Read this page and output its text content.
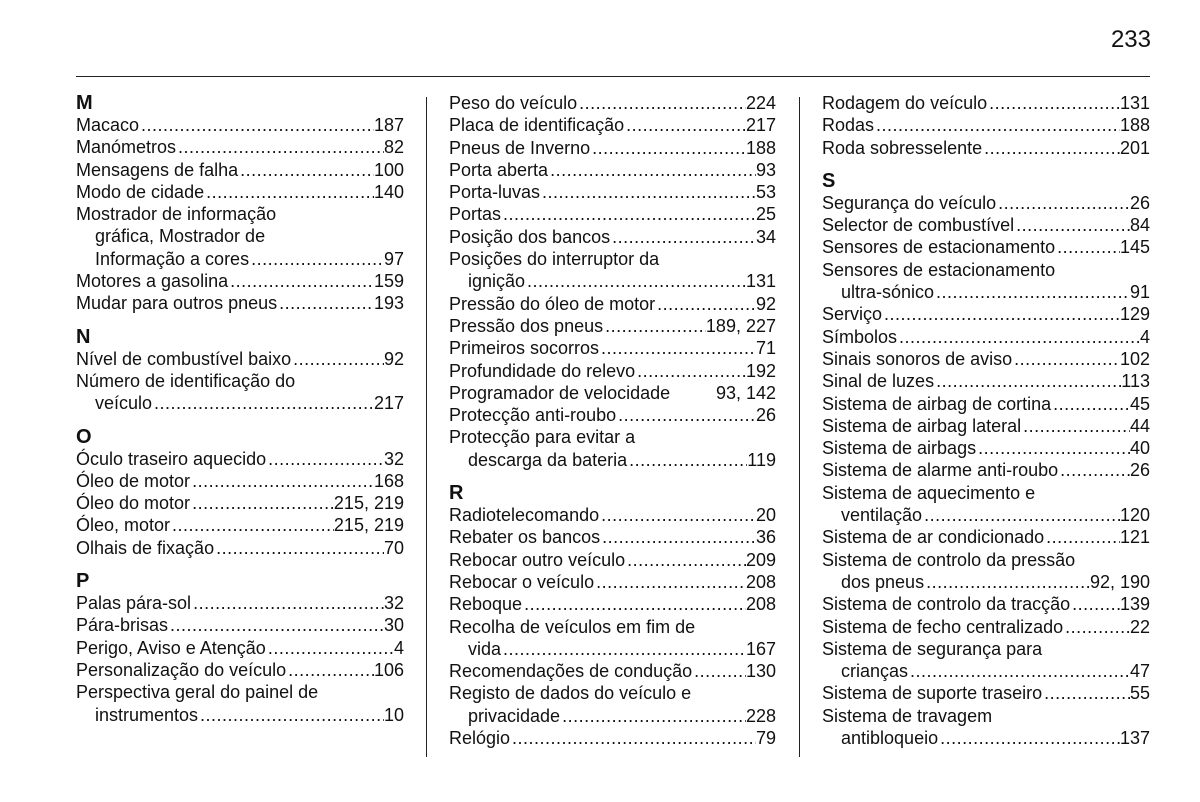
233
M
Macaco .....	187
Manómetros .....	82
Mensagens de falha .....	100
Modo de cidade .....	140
Mostrador de informação
gráfica, Mostrador de
Informação a cores .....	97
Motores a gasolina .....	159
Mudar para outros pneus .....	193
N
Nível de combustível baixo .....	92
Número de identificação do
veículo .....	217
O
Óculo traseiro aquecido .....	32
Óleo de motor .....	168
Óleo do motor .....	215, 219
Óleo, motor .....	215, 219
Olhais de fixação .....	70
P
Palas pára-sol .....	32
Pára-brisas .....	30
Perigo, Aviso e Atenção .....	4
Personalização do veículo .....	106
Perspectiva geral do painel de
instrumentos .....	10
Peso do veículo .....	224
Placa de identificação .....	217
Pneus de Inverno .....	188
Porta aberta .....	93
Porta-luvas .....	53
Portas .....	25
Posição dos bancos .....	34
Posições do interruptor da
ignição .....	131
Pressão do óleo de motor .....	92
Pressão dos pneus .....	189, 227
Primeiros socorros .....	71
Profundidade do relevo .....	192
Programador de velocidade	93, 142
Protecção anti-roubo .....	26
Protecção para evitar a
descarga da bateria .....	119
R
Radiotelecomando .....	20
Rebater os bancos .....	36
Rebocar outro veículo .....	209
Rebocar o veículo .....	208
Reboque .....	208
Recolha de veículos em fim de
vida .....	167
Recomendações de condução .....	130
Registo de dados do veículo e
privacidade .....	228
Relógio .....	79
Rodagem do veículo .....	131
Rodas .....	188
Roda sobresselente .....	201
S
Segurança do veículo .....	26
Selector de combustível .....	84
Sensores de estacionamento .....	145
Sensores de estacionamento
ultra-sónico .....	91
Serviço .....	129
Símbolos .....	4
Sinais sonoros de aviso .....	102
Sinal de luzes .....	113
Sistema de airbag de cortina .....	45
Sistema de airbag lateral .....	44
Sistema de airbags .....	40
Sistema de alarme anti-roubo .....	26
Sistema de aquecimento e
ventilação .....	120
Sistema de ar condicionado .....	121
Sistema de controlo da pressão
dos pneus .....	92, 190
Sistema de controlo da tracção .....	139
Sistema de fecho centralizado .....	22
Sistema de segurança para
crianças .....	47
Sistema de suporte traseiro .....	55
Sistema de travagem
antibloqueio .....	137
